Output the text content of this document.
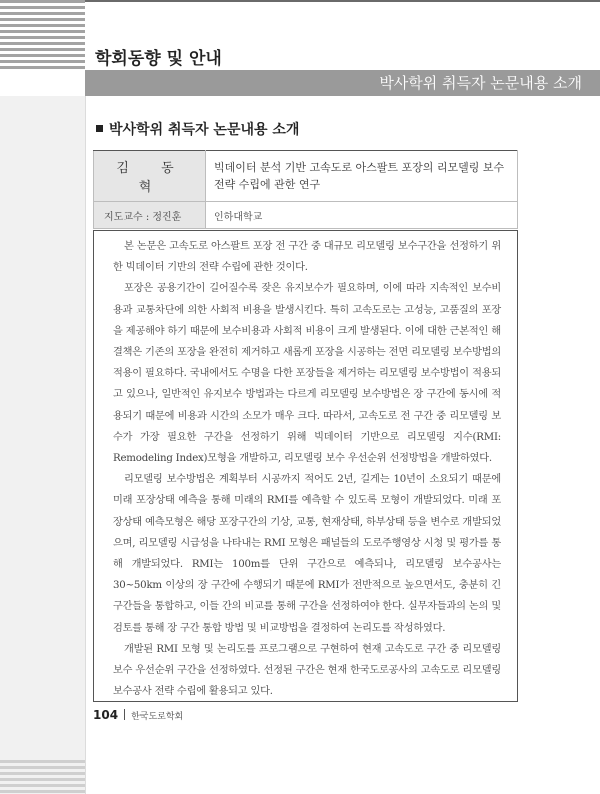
학회동향 및 안내
박사학위 취득자 논문내용 소개
박사학위 취득자 논문내용 소개
김 동 혁	빅데이터 분석 기반 고속도로 아스팔트 포장의 리모델링 보수 전략 수립에 관한 연구
지도교수 : 정진훈	인하대학교

본 논문은 고속도로 아스팔트 포장 전 구간 중 대규모 리모델링 보수구간을 선정하기 위한 빅데이터 기반의 전략 수립에 관한 것이다.

포장은 공용기간이 길어질수록 잦은 유지보수가 필요하며, 이에 따라 지속적인 보수비용과 교통차단에 의한 사회적 비용을 발생시킨다. 특히 고속도로는 고성능, 고품질의 포장을 제공해야 하기 때문에 보수비용과 사회적 비용이 크게 발생된다. 이에 대한 근본적인 해결책은 기존의 포장을 완전히 제거하고 새롭게 포장을 시공하는 전면 리모델링 보수방법의 적용이 필요하다. 국내에서도 수명을 다한 포장들을 제거하는 리모델링 보수방법이 적용되고 있으나, 일반적인 유지보수 방법과는 다르게 리모델링 보수방법은 장 구간에 동시에 적용되기 때문에 비용과 시간의 소모가 매우 크다. 따라서, 고속도로 전 구간 중 리모델링 보수가 가장 필요한 구간을 선정하기 위해 빅데이터 기반으로 리모델링 지수(RMI: Remodeling Index)모형을 개발하고, 리모델링 보수 우선순위 선정방법을 개발하였다.

리모델링 보수방법은 계획부터 시공까지 적어도 2년, 길게는 10년이 소요되기 때문에 미래 포장상태 예측을 통해 미래의 RMI를 예측할 수 있도록 모형이 개발되었다. 미래 포장상태 예측모형은 해당 포장구간의 기상, 교통, 현재상태, 하부상태 등을 변수로 개발되었으며, 리모델링 시급성을 나타내는 RMI 모형은 패널들의 도로주행영상 시청 및 평가를 통해 개발되었다. RMI는 100m를 단위 구간으로 예측되나, 리모델링 보수공사는 30~50km 이상의 장 구간에 수행되기 때문에 RMI가 전반적으로 높으면서도, 충분히 긴 구간들을 통합하고, 이들 간의 비교를 통해 구간을 선정하여야 한다. 실무자들과의 논의 및 검토를 통해 장 구간 통합 방법 및 비교방법을 결정하여 논리도를 작성하였다.

개발된 RMI 모형 및 논리도를 프로그램으로 구현하여 현재 고속도로 구간 중 리모델링 보수 우선순위 구간을 선정하였다. 선정된 구간은 현재 한국도로공사의 고속도로 리모델링 보수공사 전략 수립에 활용되고 있다.

104 한국도로학회
